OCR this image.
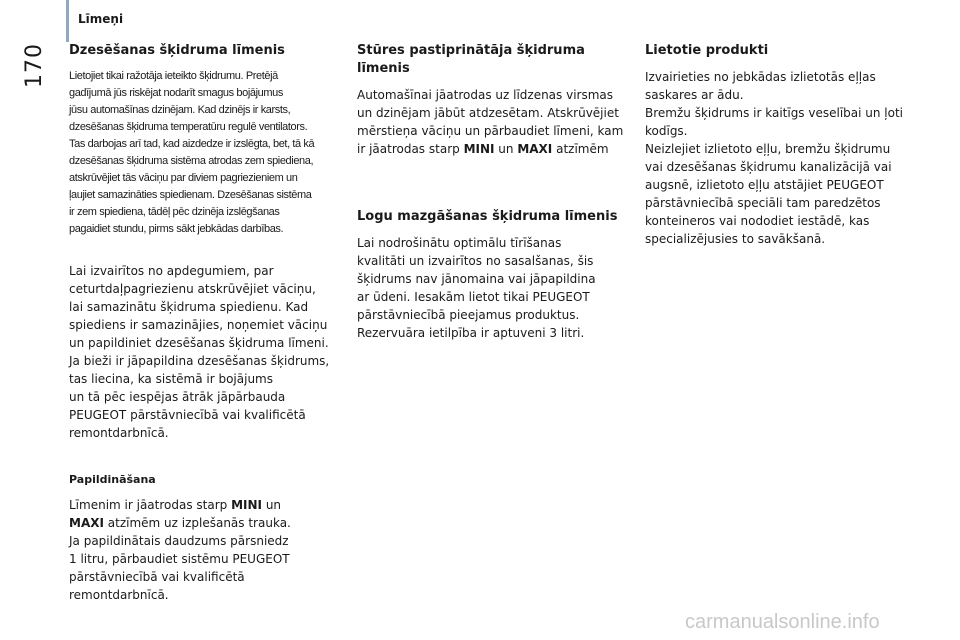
Līmeņi
170 Dzesēšanas šķidruma līmenis

Lietojiet tikai ražotāja ieteikto šķidrumu. Pretējā

gadījumā jūs riskējat nodarīt smagus bojājumus

jūsu automašīnas dzinējam. Kad dzinējs ir karsts,

dzesēšanas šķidruma temperatūru regulē ventilators.

Tas darbojas arī tad, kad aizdedze ir izslēgta, bet, tā kā

dzesēšanas šķidruma sistēma atrodas zem spiediena,

atskrūvējiet tās vāciņu par diviem pagriezieniem un

ļaujiet samazināties spiedienam. Dzesēšanas sistēma

ir zem spiediena, tādēļ pēc dzinēja izslēgšanas

pagaidiet stundu, pirms sākt jebkādas darbības.

Lai izvairītos no apdegumiem, par

ceturtdaļpagriezienu atskrūvējiet vāciņu,

lai samazinātu šķidruma spiedienu. Kad

spiediens ir samazinājies, noņemiet vāciņu

un papildiniet dzesēšanas šķidruma līmeni.

Ja bieži ir jāpapildina dzesēšanas šķidrums,

tas liecina, ka sistēmā ir bojājums

un tā pēc iespējas ātrāk jāpārbauda

PEUGEOT pārstāvniecībā vai kvalificētā

remontdarbnīcā.

Papildināšana

Līmenim ir jāatrodas starp MINI un

MAXI atzīmēm uz izplešanās trauka.

Ja papildinātais daudzums pārsniedz

1 litru, pārbaudiet sistēmu PEUGEOT

pārstāvniecībā vai kvalificētā

remontdarbnīcā.

Stūres pastiprinātāja šķidruma līmenis

Automašīnai jāatrodas uz līdzenas virsmas

un dzinējam jābūt atdzesētam. Atskrūvējiet

mērstieņa vāciņu un pārbaudiet līmeni, kam

ir jāatrodas starp MINI un MAXI atzīmēm

Logu mazgāšanas šķidruma līmenis

Lai nodrošinātu optimālu tīrīšanas

kvalitāti un izvairītos no sasalšanas, šis

šķidrums nav jānomaina vai jāpapildina

ar ūdeni. Iesakām lietot tikai PEUGEOT

pārstāvniecībā pieejamus produktus.

Rezervuāra ietilpība ir aptuveni 3 litri.

Lietotie produkti

Izvairieties no jebkādas izlietotās eļļas

saskares ar ādu.

Bremžu šķidrums ir kaitīgs veselībai un ļoti

kodīgs.

Neizlejiet izlietoto eļļu, bremžu šķidrumu

vai dzesēšanas šķidrumu kanalizācijā vai

augsnē, izlietoto eļļu atstājiet PEUGEOT

pārstāvniecībā speciāli tam paredzētos

konteineros vai nododiet iestādē, kas

specializējusies to savākšanā.

carmanualsonline.info
